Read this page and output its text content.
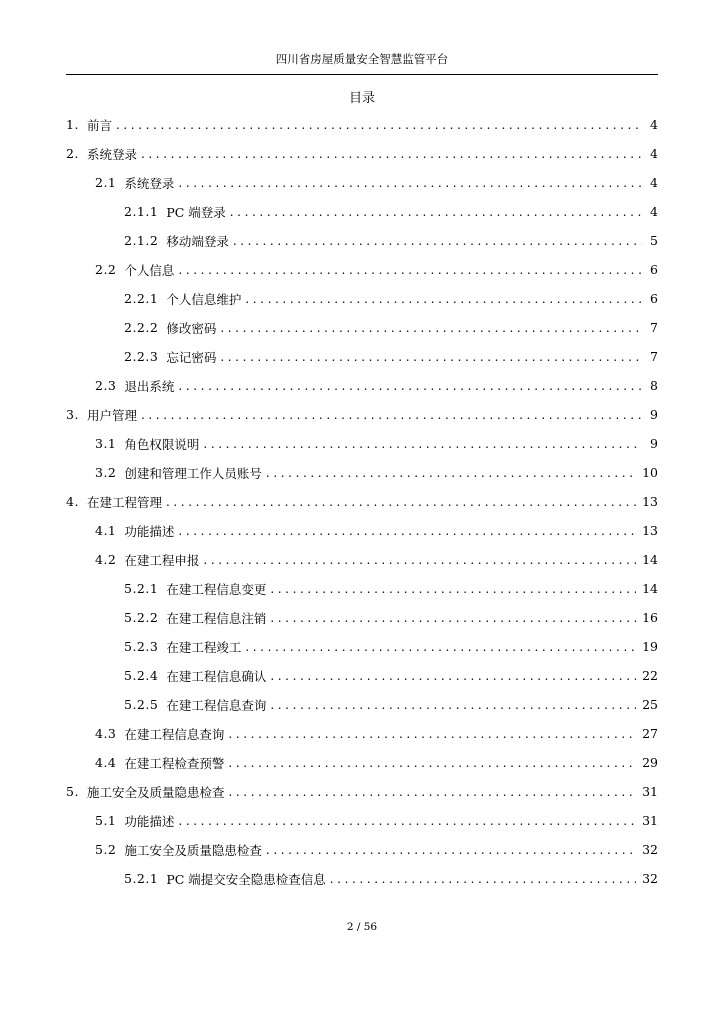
四川省房屋质量安全智慧监管平台
目录
1. 前言 .....	4
2. 系统登录 .....	4
2.1 系统登录 .....	4
2.1.1 PC 端登录 .....	4
2.1.2 移动端登录 .....	5
2.2 个人信息 .....	6
2.2.1 个人信息维护 .....	6
2.2.2 修改密码 .....	7
2.2.3 忘记密码 .....	7
2.3 退出系统 .....	8
3. 用户管理 .....	9
3.1 角色权限说明 .....	9
3.2 创建和管理工作人员账号 .....	10
4. 在建工程管理 .....	13
4.1 功能描述 .....	13
4.2 在建工程申报 .....	14
5.2.1 在建工程信息变更 .....	14
5.2.2 在建工程信息注销 .....	16
5.2.3 在建工程竣工 .....	19
5.2.4 在建工程信息确认 .....	22
5.2.5 在建工程信息查询 .....	25
4.3 在建工程信息查询 .....	27
4.4 在建工程检查预警 .....	29
5. 施工安全及质量隐患检查 .....	31
5.1 功能描述 .....	31
5.2 施工安全及质量隐患检查 .....	32
5.2.1 PC 端提交安全隐患检查信息 .....	32
2 / 56
